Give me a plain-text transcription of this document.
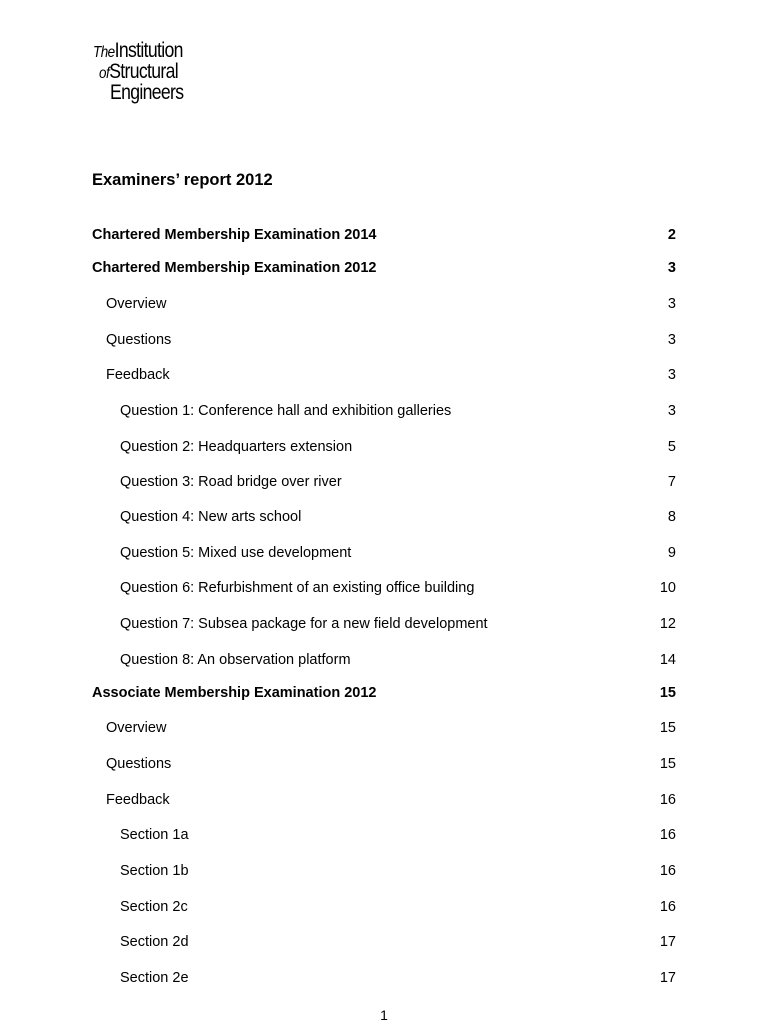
TheInstitution
ofStructural
Engineers
Examiners’ report 2012
Chartered Membership Examination 2014	2
Chartered Membership Examination 2012	3
Overview	3
Questions	3
Feedback	3
Question 1: Conference hall and exhibition galleries	3
Question 2: Headquarters extension	5
Question 3: Road bridge over river	7
Question 4: New arts school	8
Question 5: Mixed use development	9
Question 6: Refurbishment of an existing office building	10
Question 7: Subsea package for a new field development	12
Question 8: An observation platform	14
Associate Membership Examination 2012	15
Overview	15
Questions	15
Feedback	16
Section 1a	16
Section 1b	16
Section 2c	16
Section 2d	17
Section 2e	17
1
